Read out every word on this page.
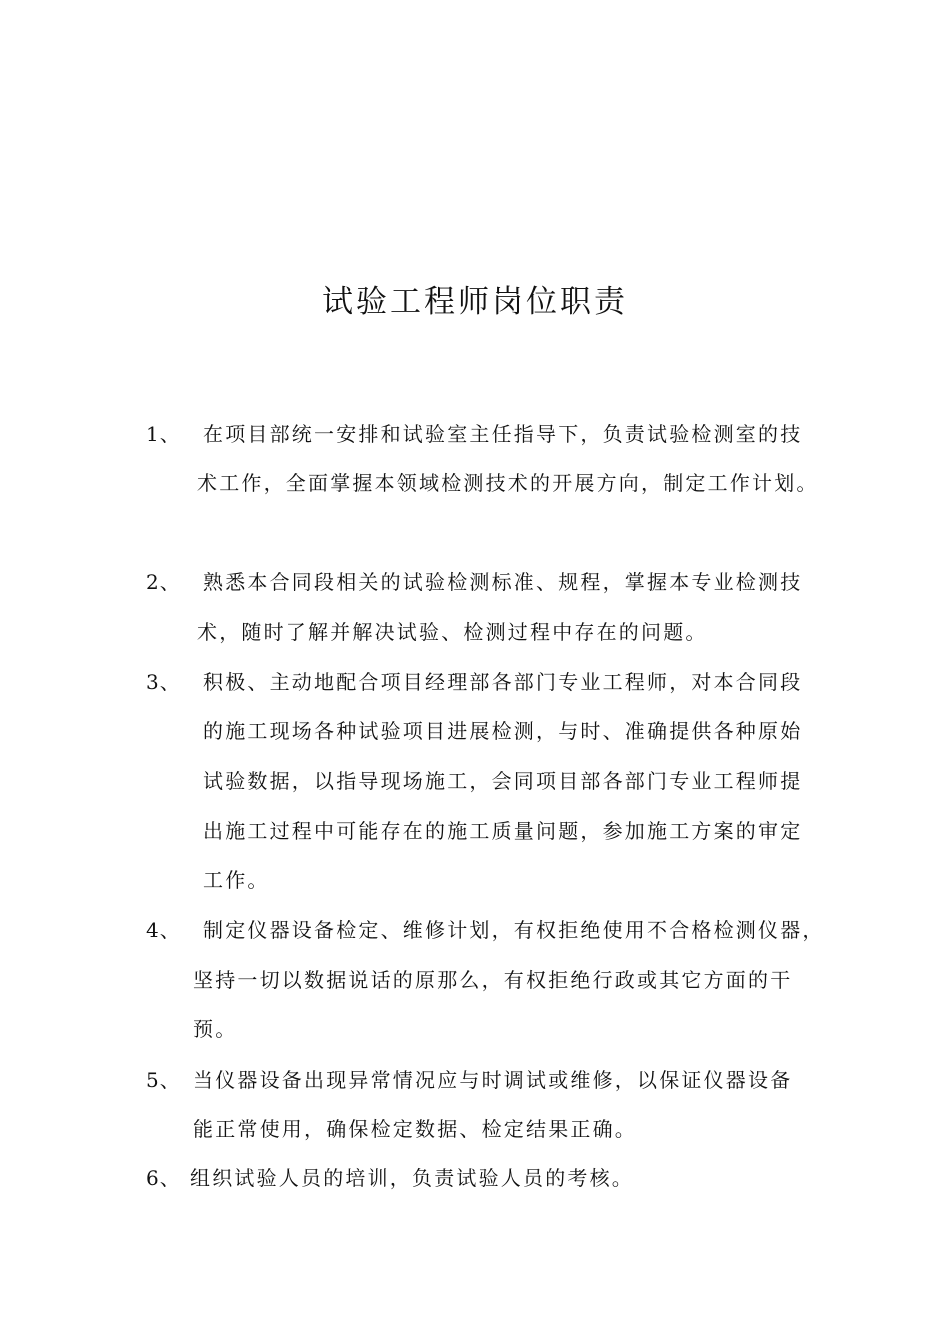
试验工程师岗位职责
1、 在项目部统一安排和试验室主任指导下，负责试验检测室的技
术工作，全面掌握本领域检测技术的开展方向，制定工作计划。
2、 熟悉本合同段相关的试验检测标准、规程，掌握本专业检测技
术，随时了解并解决试验、检测过程中存在的问题。
3、 积极、主动地配合项目经理部各部门专业工程师，对本合同段
的施工现场各种试验项目进展检测，与时、准确提供各种原始
试验数据，以指导现场施工，会同项目部各部门专业工程师提
出施工过程中可能存在的施工质量问题，参加施工方案的审定
工作。
4、 制定仪器设备检定、维修计划，有权拒绝使用不合格检测仪器，
坚持一切以数据说话的原那么，有权拒绝行政或其它方面的干
预。
5、 当仪器设备出现异常情况应与时调试或维修，以保证仪器设备
能正常使用，确保检定数据、检定结果正确。
6、 组织试验人员的培训，负责试验人员的考核。
